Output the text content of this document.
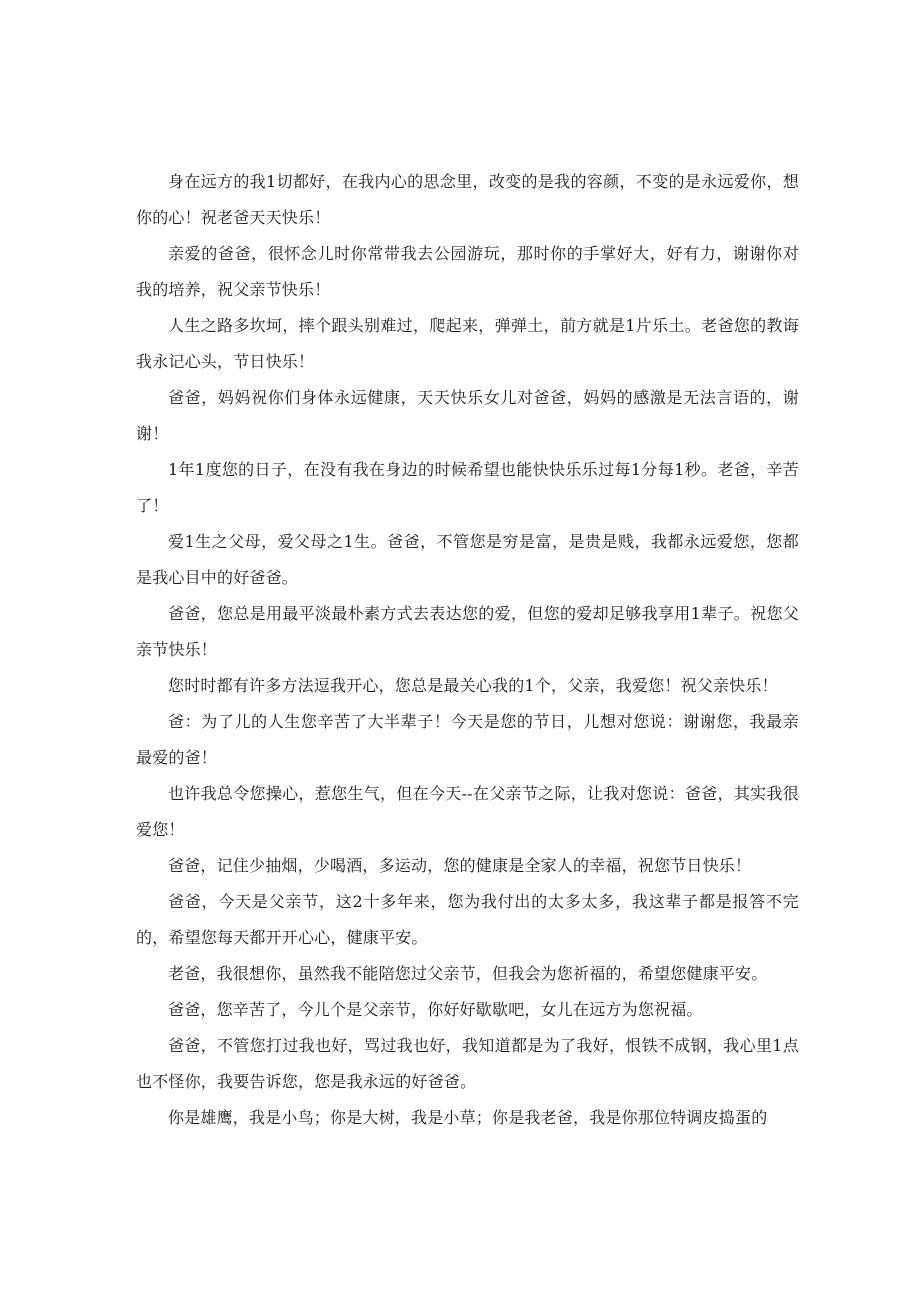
身在远方的我1切都好，在我内心的思念里，改变的是我的容颜，不变的是永远爱你，想你的心！祝老爸天天快乐！

亲爱的爸爸，很怀念儿时你常带我去公园游玩，那时你的手掌好大，好有力，谢谢你对我的培养，祝父亲节快乐！

人生之路多坎坷，摔个跟头别难过，爬起来，弹弹土，前方就是1片乐土。老爸您的教诲我永记心头，节日快乐！

爸爸，妈妈祝你们身体永远健康，天天快乐女儿对爸爸，妈妈的感激是无法言语的，谢谢！

1年1度您的日子，在没有我在身边的时候希望也能快快乐乐过每1分每1秒。老爸，辛苦了！

爱1生之父母，爱父母之1生。爸爸，不管您是穷是富，是贵是贱，我都永远爱您，您都是我心目中的好爸爸。

爸爸，您总是用最平淡最朴素方式去表达您的爱，但您的爱却足够我享用1辈子。祝您父亲节快乐！

您时时都有许多方法逗我开心，您总是最关心我的1个，父亲，我爱您！祝父亲快乐！

爸：为了儿的人生您辛苦了大半辈子！今天是您的节日，儿想对您说：谢谢您，我最亲最爱的爸！

也许我总令您操心，惹您生气，但在今天--在父亲节之际，让我对您说：爸爸，其实我很爱您！

爸爸，记住少抽烟，少喝酒，多运动，您的健康是全家人的幸福，祝您节日快乐！

爸爸，今天是父亲节，这2十多年来，您为我付出的太多太多，我这辈子都是报答不完的，希望您每天都开开心心，健康平安。

老爸，我很想你，虽然我不能陪您过父亲节，但我会为您祈福的，希望您健康平安。

爸爸，您辛苦了，今儿个是父亲节，你好好歇歇吧，女儿在远方为您祝福。

爸爸，不管您打过我也好，骂过我也好，我知道都是为了我好，恨铁不成钢，我心里1点也不怪你，我要告诉您，您是我永远的好爸爸。

你是雄鹰，我是小鸟；你是大树，我是小草；你是我老爸，我是你那位特调皮捣蛋的
